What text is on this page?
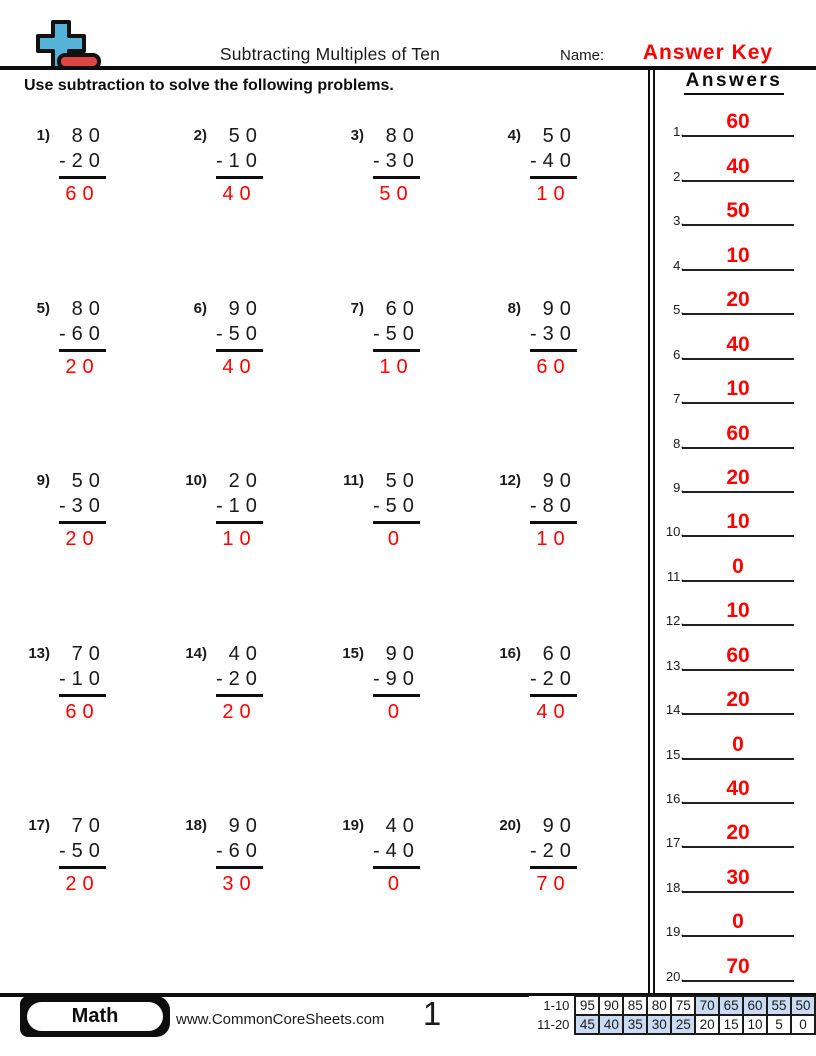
Subtracting Multiples of Ten	Name:	Answer Key
Use subtraction to solve the following problems.
1)	80
-20
60
2)	50
-10
40
3)	80
-30
50
4)	50
-40
10
5)	80
-60
20
6)	90
-50
40
7)	60
-50
10
8)	90
-30
60
9)	50
-30
20
10)	20
-10
10
11)	50
-50
0
12)	90
-80
10
13)	70
-10
60
14)	40
-20
20
15)	90
-90
0
16)	60
-20
40
17)	70
-50
20
18)	90
-60
30
19)	40
-40
0
20)	90
-20
70
Answers
1.	60
2.	40
3.	50
4.	10
5.	20
6.	40
7.	10
8.	60
9.	20
10.	10
11.	0
12.	10
13.	60
14.	20
15.	0
16.	40
17.	20
18.	30
19.	0
20.	70
Math	www.CommonCoreSheets.com	1	1-10	95	90	85	80	75	70	65	60	55	50
11-20	45	40	35	30	25	20	15	10	5	0
